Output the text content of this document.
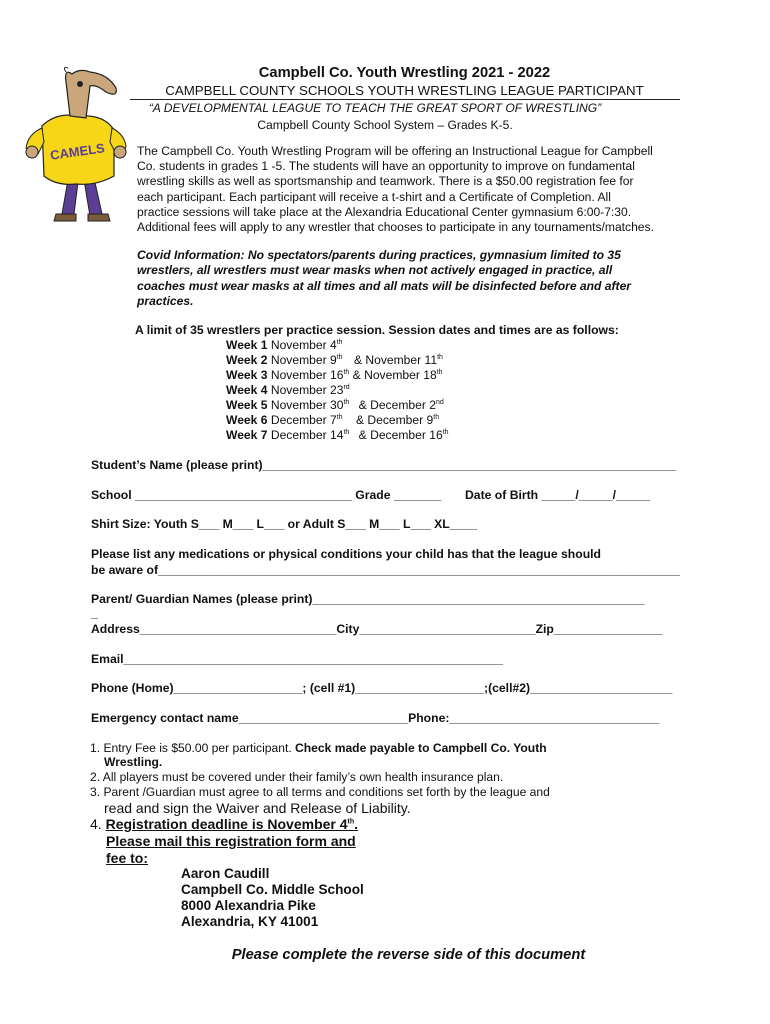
CAMELS
Campbell Co. Youth Wrestling 2021 - 2022
CAMPBELL COUNTY SCHOOLS YOUTH WRESTLING LEAGUE PARTICIPANT
“A DEVELOPMENTAL LEAGUE TO TEACH THE GREAT SPORT OF WRESTLING”
Campbell County School System – Grades K-5.
The Campbell Co. Youth Wrestling Program will be offering an Instructional League for Campbell
Co. students in grades 1 -5. The students will have an opportunity to improve on fundamental
wrestling skills as well as sportsmanship and teamwork. There is a $50.00 registration fee for
each participant. Each participant will receive a t-shirt and a Certificate of Completion. All
practice sessions will take place at the Alexandria Educational Center gymnasium 6:00-7:30.
Additional fees will apply to any wrestler that chooses to participate in any tournaments/matches.
Covid Information: No spectators/parents during practices, gymnasium limited to 35
wrestlers, all wrestlers must wear masks when not actively engaged in practice, all
coaches must wear masks at all times and all mats will be disinfected before and after
practices.
A limit of 35 wrestlers per practice session. Session dates and times are as follows:
Week 1 November 4th
Week 2 November 9th & November 11th
Week 3 November 16th & November 18th
Week 4 November 23rd
Week 5 November 30th & December 2nd
Week 6 December 7th & December 9th
Week 7 December 14th & December 16th
Student’s Name (please print)_____________________________________________________________
School ________________________________ Grade _______ Date of Birth _____/_____/_____
Shirt Size: Youth S___ M___ L___ or Adult S___ M___ L___ XL____
Please list any medications or physical conditions your child has that the league should
be aware of_____________________________________________________________________________
Parent/ Guardian Names (please print)_________________________________________________
_
Address_____________________________City__________________________Zip________________
Email________________________________________________________
Phone (Home)___________________; (cell #1)___________________;(cell#2)_____________________
Emergency contact name_________________________Phone:_______________________________
1. Entry Fee is $50.00 per participant. Check made payable to Campbell Co. Youth
Wrestling.
2. All players must be covered under their family’s own health insurance plan.
3. Parent /Guardian must agree to all terms and conditions set forth by the league and
read and sign the Waiver and Release of Liability.
4. Registration deadline is November 4th.
Please mail this registration form and
fee to:
Aaron Caudill
Campbell Co. Middle School
8000 Alexandria Pike
Alexandria, KY 41001
Please complete the reverse side of this document
